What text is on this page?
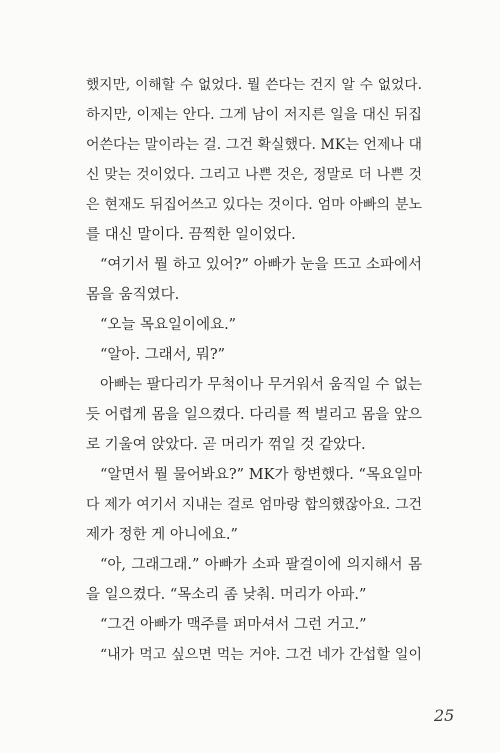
했지만, 이해할 수 없었다. 뭘 쓴다는 건지 알 수 없었다.
하지만, 이제는 안다. 그게 남이 저지른 일을 대신 뒤집
어쓴다는 말이라는 걸. 그건 확실했다. MK는 언제나 대
신 맞는 것이었다. 그리고 나쁜 것은, 정말로 더 나쁜 것
은 현재도 뒤집어쓰고 있다는 것이다. 엄마 아빠의 분노
를 대신 말이다. 끔찍한 일이었다.
“여기서 뭘 하고 있어?” 아빠가 눈을 뜨고 소파에서
몸을 움직였다.
“오늘 목요일이에요.”
“알아. 그래서, 뭐?”
아빠는 팔다리가 무척이나 무거워서 움직일 수 없는
듯 어렵게 몸을 일으켰다. 다리를 쩍 벌리고 몸을 앞으
로 기울여 앉았다. 곧 머리가 꺾일 것 같았다.
“알면서 뭘 물어봐요?” MK가 항변했다. “목요일마
다 제가 여기서 지내는 걸로 엄마랑 합의했잖아요. 그건
제가 정한 게 아니에요.”
“아, 그래그래.” 아빠가 소파 팔걸이에 의지해서 몸
을 일으켰다. “목소리 좀 낮춰. 머리가 아파.”
“그건 아빠가 맥주를 퍼마셔서 그런 거고.”
“내가 먹고 싶으면 먹는 거야. 그건 네가 간섭할 일이
25
